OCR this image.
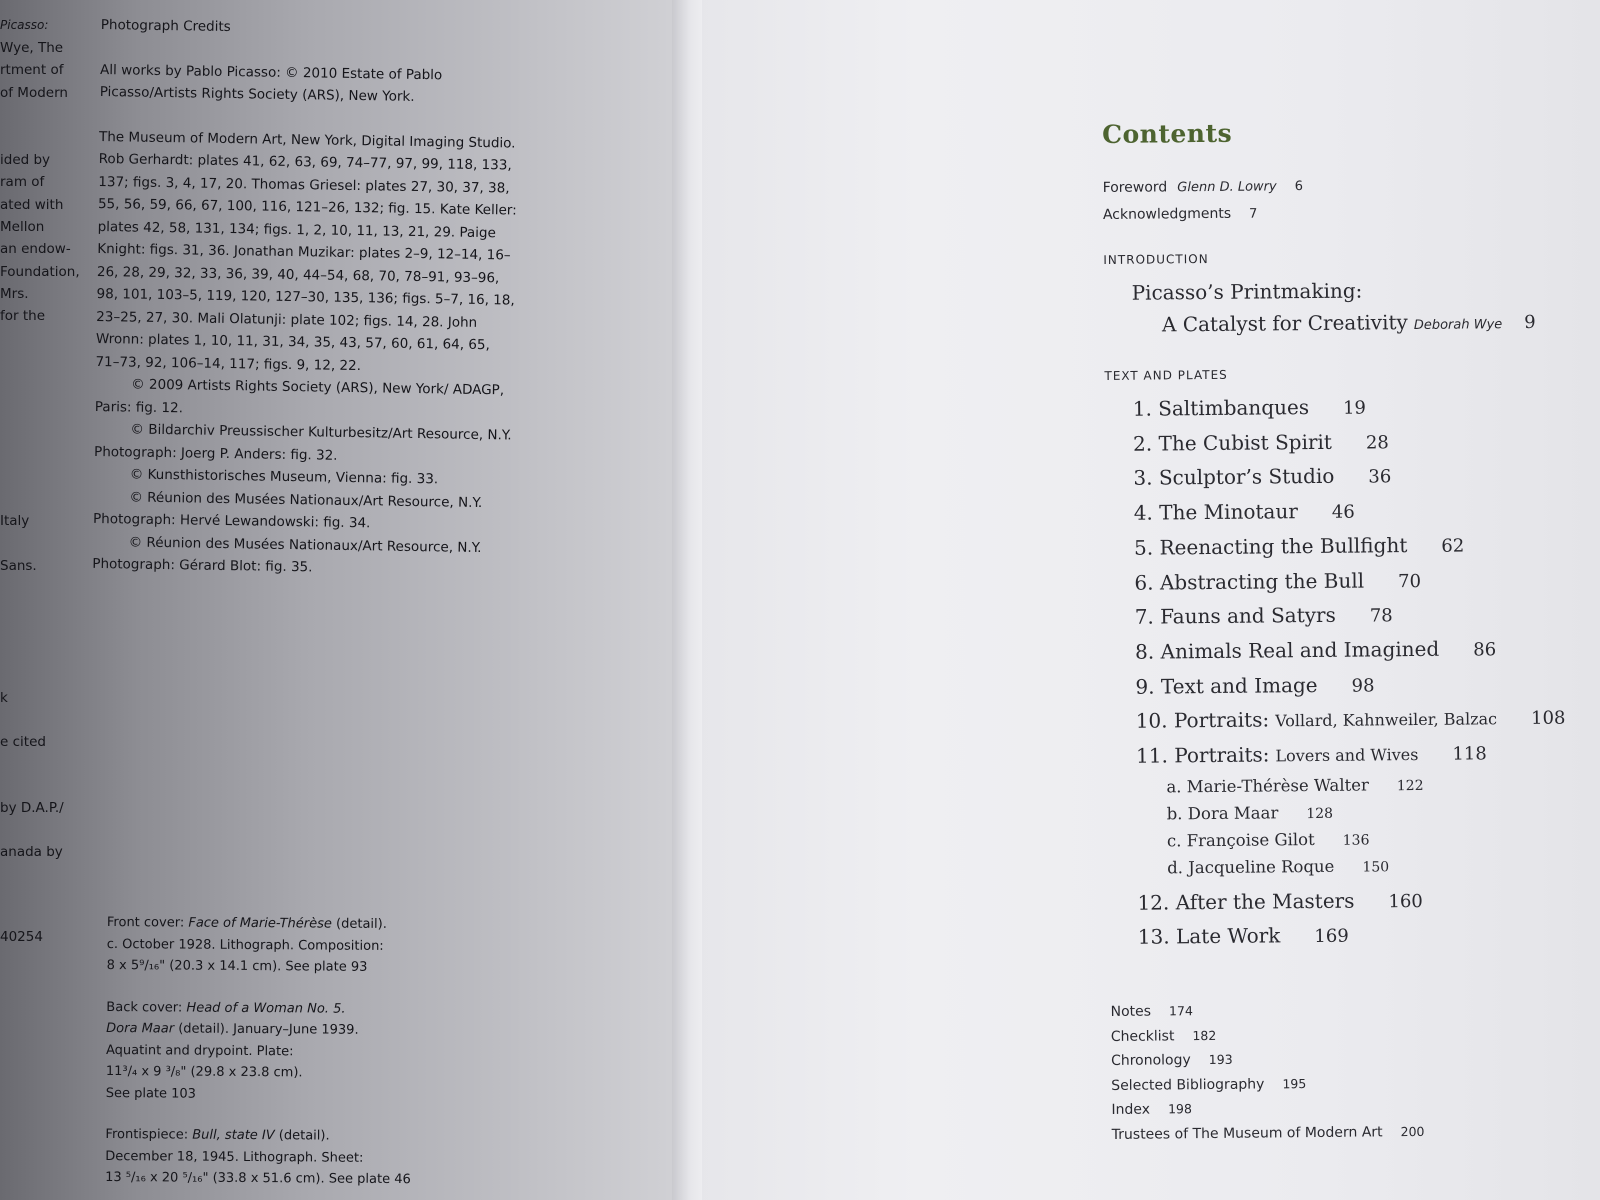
Picasso:
Wye, The
rtment of
of Modern
ided by
ram of
ated with
Mellon
an endow-
Foundation,
Mrs.
for the
Italy
Sans.
k
e cited
by D.A.P./
anada by
40254

Photograph Credits

All works by Pablo Picasso: © 2010 Estate of Pablo Picasso/Artists Rights Society (ARS), New York.

The Museum of Modern Art, New York, Digital Imaging Studio. Rob Gerhardt: plates 41, 62, 63, 69, 74–77, 97, 99, 118, 133, 137; figs. 3, 4, 17, 20. Thomas Griesel: plates 27, 30, 37, 38, 55, 56, 59, 66, 67, 100, 116, 121–26, 132; fig. 15. Kate Keller: plates 42, 58, 131, 134; figs. 1, 2, 10, 11, 13, 21, 29. Paige Knight: figs. 31, 36. Jonathan Muzikar: plates 2–9, 12–14, 16–26, 28, 29, 32, 33, 36, 39, 40, 44–54, 68, 70, 78–91, 93–96, 98, 101, 103–5, 119, 120, 127–30, 135, 136; figs. 5–7, 16, 18, 23–25, 27, 30. Mali Olatunji: plate 102; figs. 14, 28. John Wronn: plates 1, 10, 11, 31, 34, 35, 43, 57, 60, 61, 64, 65, 71–73, 92, 106–14, 117; figs. 9, 12, 22.

© 2009 Artists Rights Society (ARS), New York/ ADAGP, Paris: fig. 12.

© Bildarchiv Preussischer Kulturbesitz/Art Resource, N.Y. Photograph: Joerg P. Anders: fig. 32.

© Kunsthistorisches Museum, Vienna: fig. 33.

© Réunion des Musées Nationaux/Art Resource, N.Y. Photograph: Hervé Lewandowski: fig. 34.

© Réunion des Musées Nationaux/Art Resource, N.Y. Photograph: Gérard Blot: fig. 35.

Front cover: Face of Marie-Thérèse (detail).

c. October 1928. Lithograph. Composition:

8 x 5⁹/₁₆" (20.3 x 14.1 cm). See plate 93

Back cover: Head of a Woman No. 5.

Dora Maar (detail). January–June 1939.

Aquatint and drypoint. Plate:

11³/₄ x 9 ³/₈" (29.8 x 23.8 cm).

See plate 103

Frontispiece: Bull, state IV (detail).

December 18, 1945. Lithograph. Sheet:

13 ⁵/₁₆ x 20 ⁵/₁₆" (33.8 x 51.6 cm). See plate 46

Contents
Foreword Glenn D. Lowry 6
Acknowledgments 7
INTRODUCTION
Picasso’s Printmaking:
A Catalyst for Creativity Deborah Wye 9
TEXT AND PLATES
1. Saltimbanques 19
2. The Cubist Spirit 28
3. Sculptor’s Studio 36
4. The Minotaur 46
5. Reenacting the Bullfight 62
6. Abstracting the Bull 70
7. Fauns and Satyrs 78
8. Animals Real and Imagined 86
9. Text and Image 98
10. Portraits: Vollard, Kahnweiler, Balzac 108
11. Portraits: Lovers and Wives 118
a. Marie-Thérèse Walter 122
b. Dora Maar 128
c. Françoise Gilot 136
d. Jacqueline Roque 150
12. After the Masters 160
13. Late Work 169
Notes 174
Checklist 182
Chronology 193
Selected Bibliography 195
Index 198
Trustees of The Museum of Modern Art 200
